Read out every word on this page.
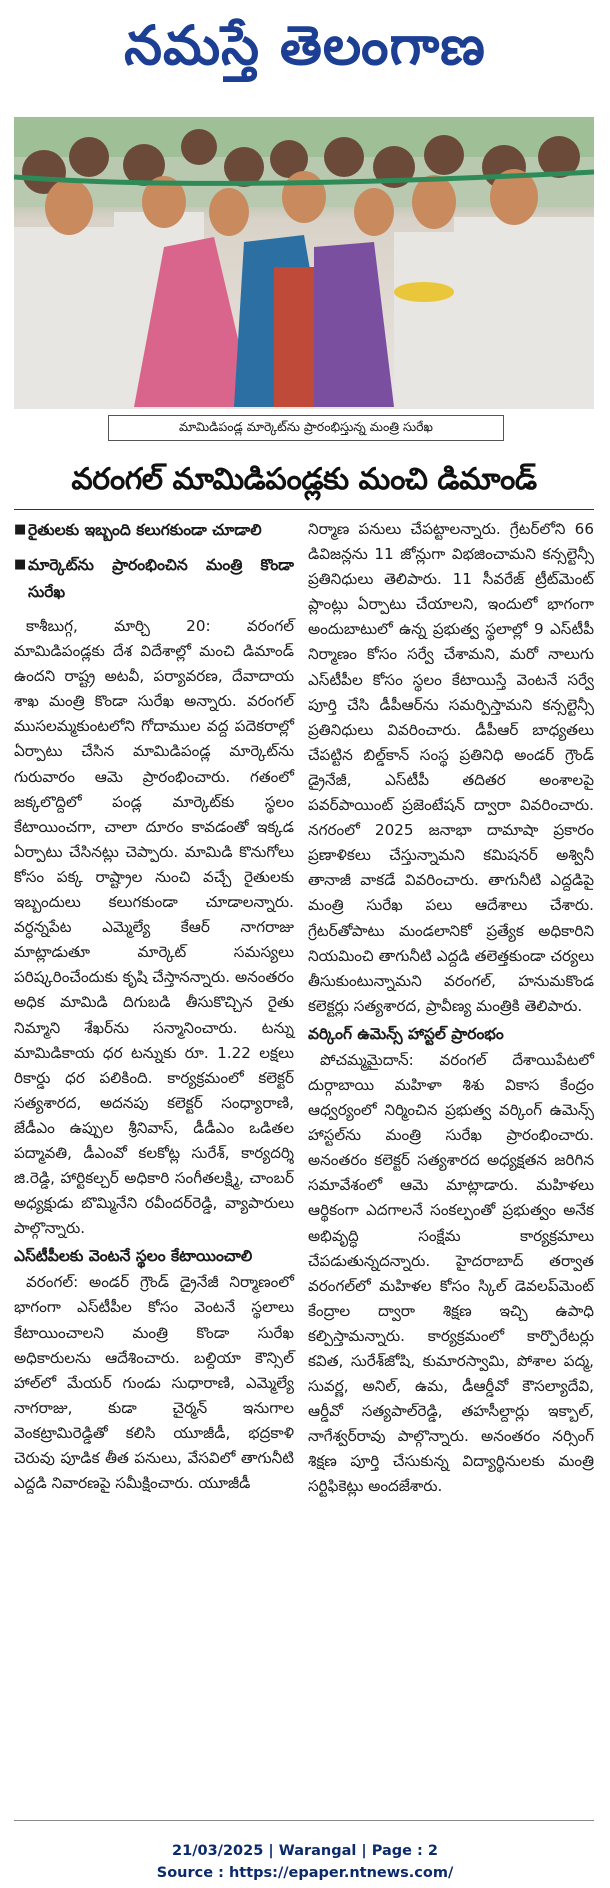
నమస్తే తెలంగాణ
మామిడిపండ్ల మార్కెట్‌ను ప్రారంభిస్తున్న మంత్రి సురేఖ
వరంగల్ మామిడిపండ్లకు మంచి డిమాండ్
■ రైతులకు ఇబ్బంది కలుగకుండా చూడాలి
■ మార్కెట్‌ను ప్రారంభించిన మంత్రి కొండా సురేఖ

కాశీబుగ్గ, మార్చి 20: వరంగల్ మామిడిపండ్లకు దేశ విదేశాల్లో మంచి డిమాండ్ ఉందని రాష్ట్ర అటవీ, పర్యావరణ, దేవాదాయ శాఖ మంత్రి కొండా సురేఖ అన్నారు. వరంగల్ ముసలమ్మకుంటలోని గోదాముల వద్ద పదెకరాల్లో ఏర్పాటు చేసిన మామిడిపండ్ల మార్కెట్‌ను గురువారం ఆమె ప్రారంభించారు. గతంలో జక్కలొద్దిలో పండ్ల మార్కెట్‌కు స్థలం కేటాయించగా, చాలా దూరం కావడంతో ఇక్కడ ఏర్పాటు చేసినట్లు చెప్పారు. మామిడి కొనుగోలు కోసం పక్క రాష్ట్రాల నుంచి వచ్చే రైతులకు ఇబ్బందులు కలుగకుండా చూడాలన్నారు. వర్ధన్నపేట ఎమ్మెల్యే కేఆర్ నాగరాజు మాట్లాడుతూ మార్కెట్ సమస్యలు పరిష్కరించేందుకు కృషి చేస్తానన్నారు. అనంతరం అధిక మామిడి దిగుబడి తీసుకొచ్చిన రైతు నిమ్మాని శేఖర్‌ను సన్మానించారు. టన్ను మామిడికాయ ధర టన్నుకు రూ. 1.22 లక్షలు రికార్డు ధర పలికింది. కార్యక్రమంలో కలెక్టర్ సత్యశారద, అదనపు కలెక్టర్ సంధ్యారాణి, జేడీఎం ఉప్పుల శ్రీనివాస్, డీడీఎం ఒడితల పద్మావతి, డీఎంవో కలకోట్ల సురేశ్, కార్యదర్శి జి.రెడ్డి, హార్టికల్చర్ అధికారి సంగీతలక్ష్మి, చాంబర్ అధ్యక్షుడు బొమ్మినేని రవీందర్‌రెడ్డి, వ్యాపారులు పాల్గొన్నారు.

ఎస్‌టీపీలకు వెంటనే స్థలం కేటాయించాలి

వరంగల్: అండర్ గ్రౌండ్ డ్రైనేజీ నిర్మాణంలో భాగంగా ఎస్‌టీపీల కోసం వెంటనే స్థలాలు కేటాయించాలని మంత్రి కొండా సురేఖ అధికారులను ఆదేశించారు. బల్దియా కౌన్సిల్ హాల్‌లో మేయర్ గుండు సుధారాణి, ఎమ్మెల్యే నాగరాజు, కుడా చైర్మన్ ఇనుగాల వెంకట్రామిరెడ్డితో కలిసి యూజీడీ, భద్రకాళి చెరువు పూడిక తీత పనులు, వేసవిలో తాగునీటి ఎద్దడి నివారణపై సమీక్షించారు. యూజీడీ

నిర్మాణ పనులు చేపట్టాలన్నారు. గ్రేటర్‌లోని 66 డివిజన్లను 11 జోన్లుగా విభజించామని కన్సల్టెన్సీ ప్రతినిధులు తెలిపారు. 11 సీవరేజ్ ట్రీట్‌మెంట్ ప్లాంట్లు ఏర్పాటు చేయాలని, ఇందులో భాగంగా అందుబాటులో ఉన్న ప్రభుత్వ స్థలాల్లో 9 ఎస్‌టీపీ నిర్మాణం కోసం సర్వే చేశామని, మరో నాలుగు ఎస్‌టీపీల కోసం స్థలం కేటాయిస్తే వెంటనే సర్వే పూర్తి చేసి డీపీఆర్‌ను సమర్పిస్తామని కన్సల్టెన్సీ ప్రతినిధులు వివరించారు. డీపీఆర్ బాధ్యతలు చేపట్టిన బిల్డ్‌కాన్ సంస్థ ప్రతినిధి అండర్ గ్రౌండ్ డ్రైనేజీ, ఎస్‌టీపీ తదితర అంశాలపై పవర్‌పాయింట్ ప్రజెంటేషన్ ద్వారా వివరించారు. నగరంలో 2025 జనాభా దామాషా ప్రకారం ప్రణాళికలు చేస్తున్నామని కమిషనర్ అశ్వినీ తానాజీ వాకడే వివరించారు. తాగునీటి ఎద్దడిపై మంత్రి సురేఖ పలు ఆదేశాలు చేశారు. గ్రేటర్‌తోపాటు మండలానికో ప్రత్యేక అధికారిని నియమించి తాగునీటి ఎద్దడి తలెత్తకుండా చర్యలు తీసుకుంటున్నామని వరంగల్, హనుమకొండ కలెక్టర్లు సత్యశారద, ప్రావీణ్య మంత్రికి తెలిపారు.

వర్కింగ్ ఉమెన్స్ హాస్టల్ ప్రారంభం

పోచమ్మమైదాన్: వరంగల్ దేశాయిపేటలో దుర్గాబాయి మహిళా శిశు వికాస కేంద్రం ఆధ్వర్యంలో నిర్మించిన ప్రభుత్వ వర్కింగ్ ఉమెన్స్ హాస్టల్‌ను మంత్రి సురేఖ ప్రారంభించారు. అనంతరం కలెక్టర్ సత్యశారద అధ్యక్షతన జరిగిన సమావేశంలో ఆమె మాట్లాడారు. మహిళలు ఆర్థికంగా ఎదగాలనే సంకల్పంతో ప్రభుత్వం అనేక అభివృద్ధి సంక్షేమ కార్యక్రమాలు చేపడుతున్నదన్నారు. హైదరాబాద్ తర్వాత వరంగల్‌లో మహిళల కోసం స్కిల్ డెవలప్‌మెంట్ కేంద్రాల ద్వారా శిక్షణ ఇచ్చి ఉపాధి కల్పిస్తామన్నారు. కార్యక్రమంలో కార్పొరేటర్లు కవిత, సురేశ్‌జోషి, కుమారస్వామి, పోశాల పద్మ, సువర్ణ, అనిల్, ఉమ, డీఆర్డీవో కౌసల్యాదేవి, ఆర్డీవో సత్యపాల్‌రెడ్డి, తహసీల్దార్లు ఇక్బాల్, నాగేశ్వర్‌రావు పాల్గొన్నారు. అనంతరం నర్సింగ్ శిక్షణ పూర్తి చేసుకున్న విద్యార్థినులకు మంత్రి సర్టిఫికెట్లు అందజేశారు.

21/03/2025 | Warangal | Page : 2
Source : https://epaper.ntnews.com/
